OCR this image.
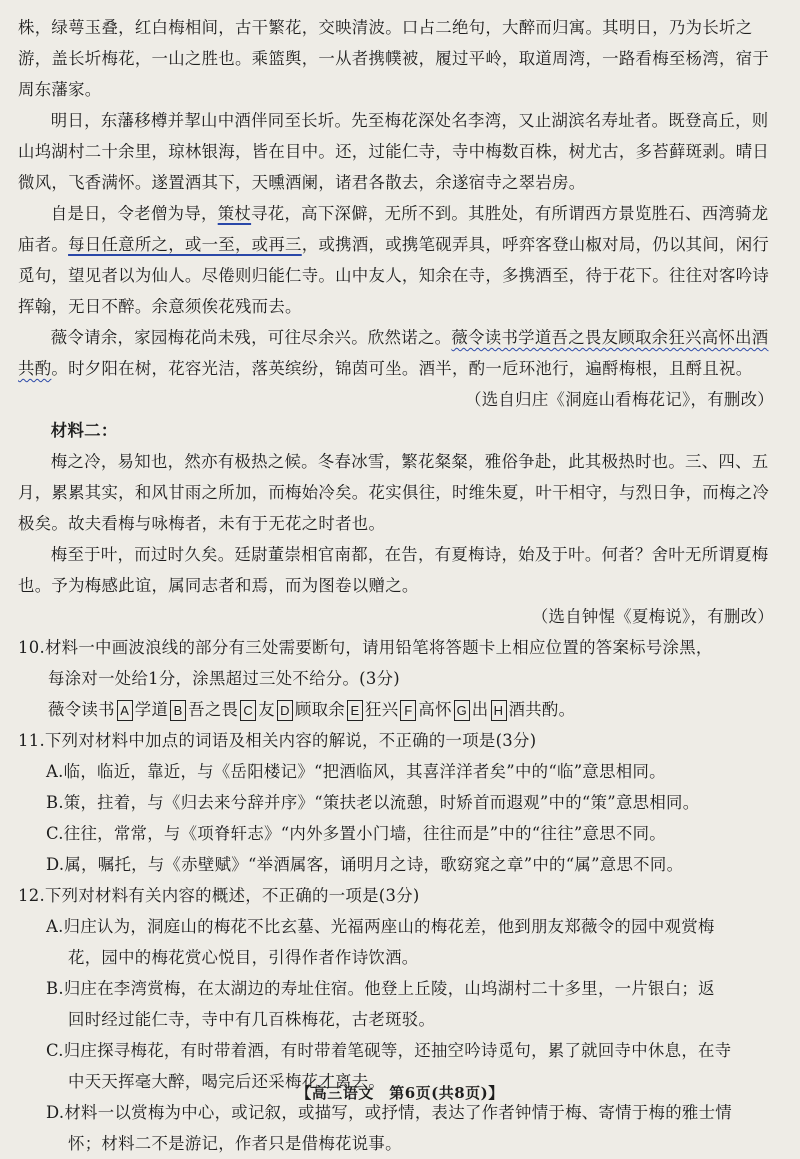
株，绿萼玉叠，红白梅相间，古干繁花，交映清波。口占二绝句，大醉而归寓。其明日，乃为长圻之游，盖长圻梅花，一山之胜也。乘篮舆，一从者携幞被，履过平岭，取道周湾，一路看梅至杨湾，宿于周东藩家。

明日，东藩移樽并挈山中酒伴同至长圻。先至梅花深处名李湾，又止湖滨名寿址者。既登高丘，则山坞湖村二十余里，琼林银海，皆在目中。还，过能仁寺，寺中梅数百株，树尤古，多苔藓斑剥。晴日微风，飞香满怀。遂置酒其下，天曛酒阑，诸君各散去，余遂宿寺之翠岩房。

自是日，令老僧为导，策杖寻花，高下深僻，无所不到。其胜处，有所谓西方景览胜石、西湾骑龙庙者。每日任意所之，或一至，或再三，或携酒，或携笔砚弄具，呼弈客登山椒对局，仍以其间，闲行觅句，望见者以为仙人。尽倦则归能仁寺。山中友人，知余在寺，多携酒至，待于花下。往往对客吟诗挥翰，无日不醉。余意须俟花残而去。

薇令请余，家园梅花尚未残，可往尽余兴。欣然诺之。薇令读书学道吾之畏友顾取余狂兴高怀出酒共酌。时夕阳在树，花容光洁，落英缤纷，锦茵可坐。酒半，酌一卮环池行，遍酹梅根，且酹且祝。

（选自归庄《洞庭山看梅花记》，有删改）

材料二：

梅之冷，易知也，然亦有极热之候。冬春冰雪，繁花粲粲，雅俗争赴，此其极热时也。三、四、五月，累累其实，和风甘雨之所加，而梅始冷矣。花实俱往，时维朱夏，叶干相守，与烈日争，而梅之冷极矣。故夫看梅与咏梅者，未有于无花之时者也。

梅至于叶，而过时久矣。廷尉董崇相官南都，在告，有夏梅诗，始及于叶。何者？舍叶无所谓夏梅也。予为梅感此谊，属同志者和焉，而为图卷以赠之。

（选自钟惺《夏梅说》，有删改）

10.材料一中画波浪线的部分有三处需要断句，请用铅笔将答题卡上相应位置的答案标号涂黑，

每涂对一处给1分，涂黑超过三处不给分。(3分)

薇令读书 A 学道 B 吾之畏 C 友 D 顾取余 E 狂兴 F 高怀 G 出 H 酒共酌。

11.下列对材料中加点的词语及相关内容的解说，不正确的一项是(3分)

A.临，临近，靠近，与《岳阳楼记》“把酒临风，其喜洋洋者矣”中的“临”意思相同。

B.策，拄着，与《归去来兮辞并序》“策扶老以流憩，时矫首而遐观”中的“策”意思相同。

C.往往，常常，与《项脊轩志》“内外多置小门墙，往往而是”中的“往往”意思不同。

D.属，嘱托，与《赤壁赋》“举酒属客，诵明月之诗，歌窈窕之章”中的“属”意思不同。

12.下列对材料有关内容的概述，不正确的一项是(3分)

A.归庄认为，洞庭山的梅花不比玄墓、光福两座山的梅花差，他到朋友郑薇令的园中观赏梅

花，园中的梅花赏心悦目，引得作者作诗饮酒。

B.归庄在李湾赏梅，在太湖边的寿址住宿。他登上丘陵，山坞湖村二十多里，一片银白；返

回时经过能仁寺，寺中有几百株梅花，古老斑驳。

C.归庄探寻梅花，有时带着酒，有时带着笔砚等，还抽空吟诗觅句，累了就回寺中休息，在寺

中天天挥毫大醉，喝完后还采梅花才离去。

D.材料一以赏梅为中心，或记叙，或描写，或抒情，表达了作者钟情于梅、寄情于梅的雅士情

怀；材料二不是游记，作者只是借梅花说事。

【高三语文　第6页(共8页)】
